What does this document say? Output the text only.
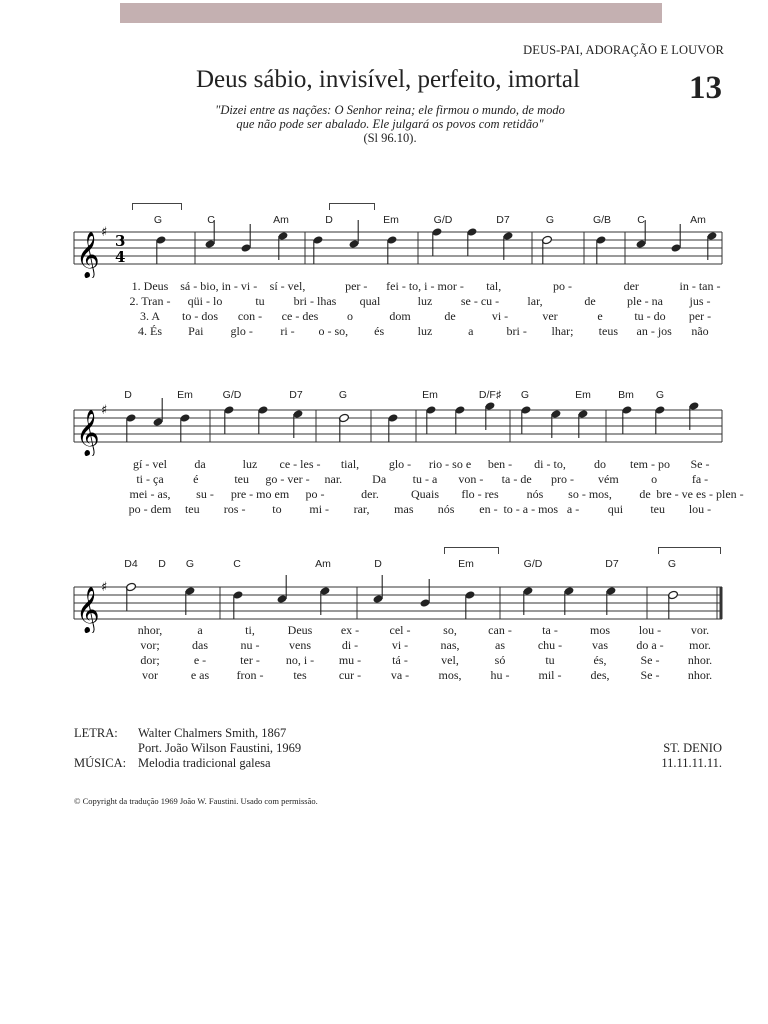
DEUS-PAI, ADORAÇÃO E LOUVOR
13
Deus sábio, invisível, perfeito, imortal
"Dizei entre as nações: O Senhor reina; ele firmou o mundo, de modo
que não pode ser abalado. Ele julgará os povos com retidão"
(Sl 96.10).
G	C	Am	D	Em	G/D	D7	G	G/B C	Am
𝄞 ♯ 3
4
1. Deus sá - bio, in - vi - sí - vel,	per - fei - to, i - mor - tal,	po -	der	in - tan -
2. Tran - qüi - lo	tu bri - lhas qual	luz se - cu - lar,	de	ple - na jus -
3. A to - dos con - ce - des o	dom	de	vi -	ver	e	tu - do per -
4. És Pai glo - ri - o - so, és	luz	a	bri - lhar; teus an - jos não
D	Em	G/D	D7	G	Em	D/F♯ G	Em	Bm G
𝄞 ♯
gí - vel da	luz ce - les - tial, glo - rio - so e ben - di - to, do tem - po Se -
ti - ça é	teu go - ver - nar. Da tu - a von - ta - de pro - vém	o	fa -
mei - as, su - pre - mo em po -	der.	Quais flo - res nós so - mos, de bre - ve es - plen -
po - dem teu ros - to mi - rar, mas nós en - to - a - mos a - qui teu lou -
D4 D G	C	Am	D	Em	G/D	D7	G
𝄞 ♯
nhor,	a	ti,	Deus ex -	cel -	so,	can -	ta -	mos lou - vor.
vor;	das	nu - vens	di -	vi -	nas,	as	chu - vas do a - mor.
dor;	e -	ter - no, i - mu -	tá -	vel,	só	tu	és,	Se - nhor.
vor	e as fron - tes	cur - va - mos, hu - mil - des,	Se - nhor.
LETRA:	Walter Chalmers Smith, 1867
Port. João Wilson Faustini, 1969
MÚSICA: Melodia tradicional galesa
ST. DENIO
11.11.11.11.
© Copyright da tradução 1969 João W. Faustini. Usado com permissão.
